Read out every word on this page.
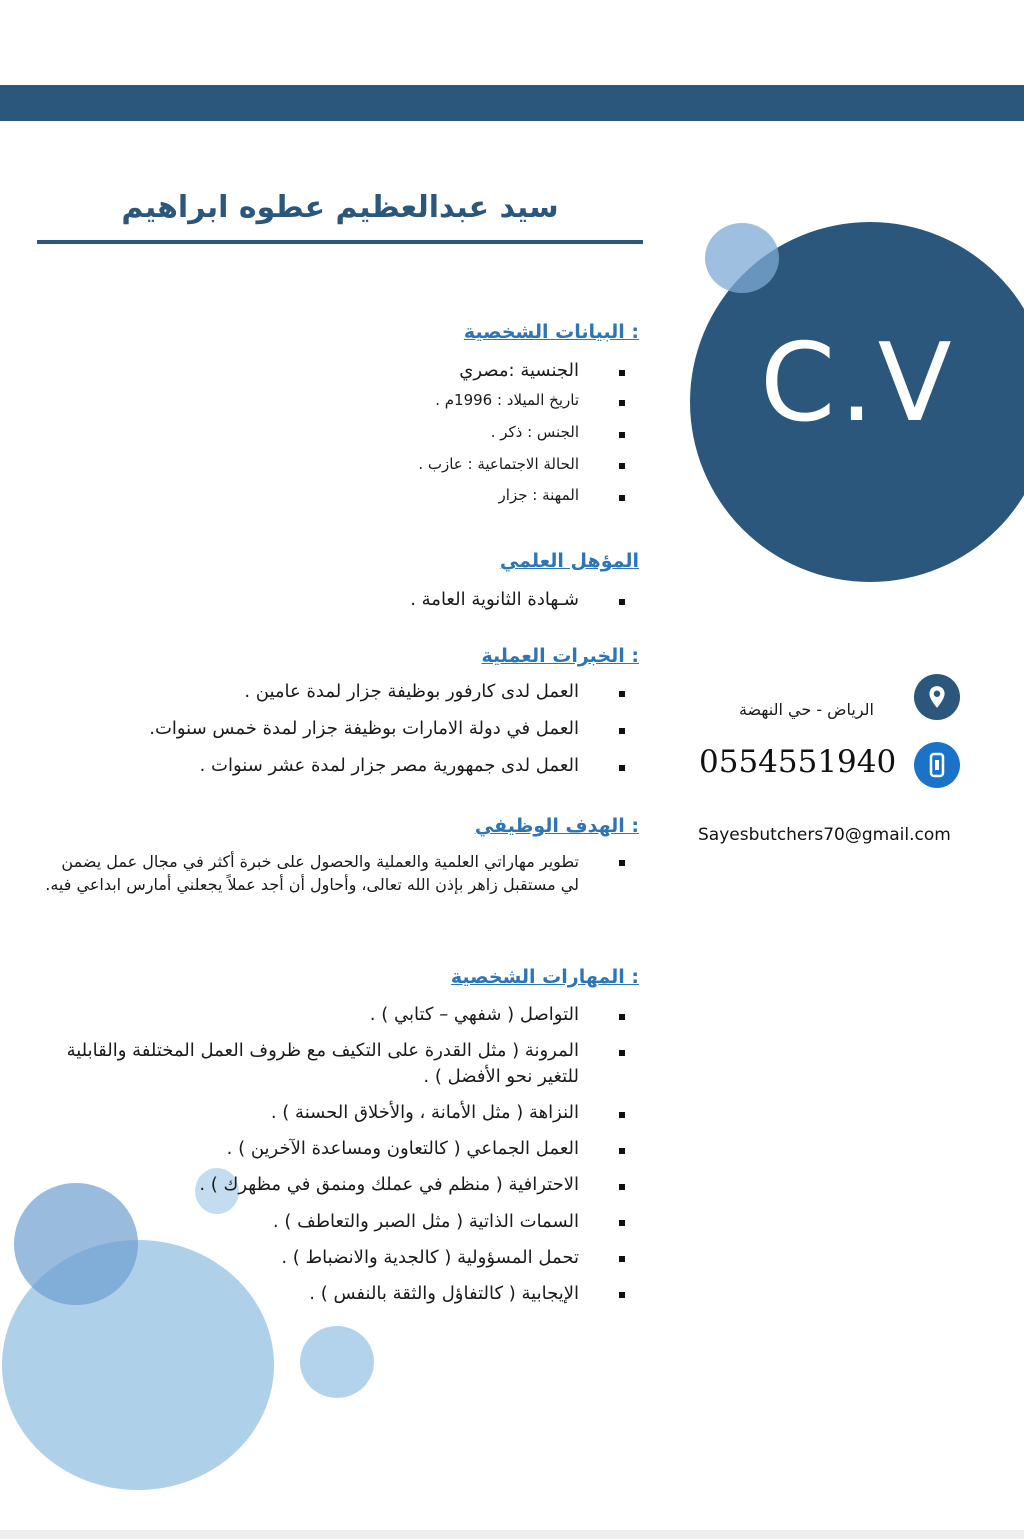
C.V
سيد عبدالعظيم عطوه ابراهيم
: البيانات الشخصية
الجنسية :مصري
تاريخ الميلاد : 1996م .
الجنس : ذكر .
الحالة الاجتماعية : عازب .
المهنة : جزار
المؤهل العلمي
شـهادة الثانوية العامة .
: الخبرات العملية
العمل لدى كارفور بوظيفة جزار لمدة عامين .
العمل في دولة الامارات بوظيفة جزار لمدة خمس سنوات.
العمل لدى جمهورية مصر جزار لمدة عشر سنوات .
: الهدف الوظيفي
تطوير مهاراتي العلمية والعملية والحصول على خبرة أكثر في مجال عمل يضمن لي مستقبل زاهر بإذن الله تعالى، وأحاول أن أجد عملاً يجعلني أمارس ابداعي فيه.
: المهارات الشخصية
التواصل ( شفهي – كتابي ) .
المرونة ( مثل القدرة على التكيف مع ظروف العمل المختلفة والقابلية للتغير نحو الأفضل ) .
النزاهة ( مثل الأمانة ، والأخلاق الحسنة ) .
العمل الجماعي ( كالتعاون ومساعدة الآخرين ) .
الاحترافية ( منظم في عملك ومنمق في مظهرك ) .
السمات الذاتية ( مثل الصبر والتعاطف ) .
تحمل المسؤولية ( كالجدية والانضباط ) .
الإيجابية ( كالتفاؤل والثقة بالنفس ) .
الرياض - حي النهضة
0554551940
Sayesbutchers70@gmail.com
